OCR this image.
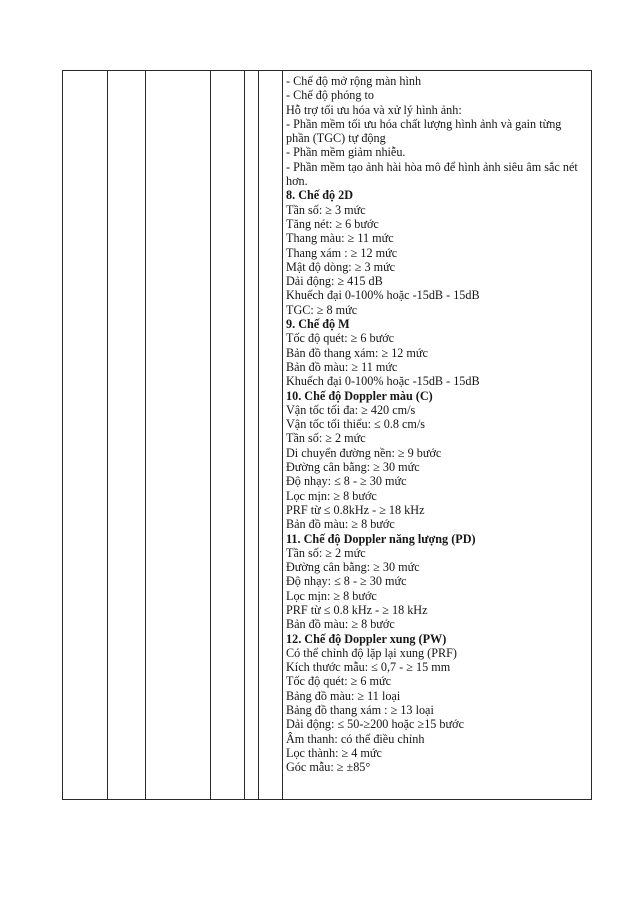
- Chế độ mở rộng màn hình
- Chế độ phóng to
Hỗ trợ tối ưu hóa và xử lý hình ảnh:
- Phần mềm tối ưu hóa chất lượng hình ảnh và gain từng phần (TGC) tự động
- Phần mềm giảm nhiễu.
- Phần mềm tạo ảnh hài hòa mô để hình ảnh siêu âm sắc nét hơn.
8. Chế độ 2D
Tần số: ≥ 3 mức
Tăng nét: ≥ 6 bước
Thang màu: ≥ 11 mức
Thang xám : ≥ 12 mức
Mật độ dòng: ≥ 3 mức
Dải động: ≥ 415 dB
Khuếch đại 0-100% hoặc -15dB - 15dB
TGC: ≥ 8 mức
9. Chế độ M
Tốc độ quét: ≥ 6 bước
Bản đồ thang xám: ≥ 12 mức
Bản đồ màu: ≥ 11 mức
Khuếch đại 0-100% hoặc -15dB - 15dB
10. Chế độ Doppler màu (C)
Vận tốc tối đa: ≥ 420 cm/s
Vận tốc tối thiểu: ≤ 0.8 cm/s
Tần số: ≥ 2 mức
Di chuyển đường nền: ≥ 9 bước
Đường cân bằng: ≥ 30 mức
Độ nhạy: ≤ 8 - ≥ 30 mức
Lọc mịn: ≥ 8 bước
PRF từ ≤ 0.8kHz - ≥ 18 kHz
Bản đồ màu: ≥ 8 bước
11. Chế độ Doppler năng lượng (PD)
Tần số: ≥ 2 mức
Đường cân bằng: ≥ 30 mức
Độ nhạy: ≤ 8 - ≥ 30 mức
Lọc mịn: ≥ 8 bước
PRF từ ≤ 0.8 kHz - ≥ 18 kHz
Bản đồ màu: ≥ 8 bước
12. Chế độ Doppler xung (PW)
Có thể chỉnh độ lặp lại xung (PRF)
Kích thước mẫu: ≤ 0,7 - ≥ 15 mm
Tốc độ quét: ≥ 6 mức
Bảng đồ màu: ≥ 11 loại
Bảng đồ thang xám : ≥ 13 loại
Dải động: ≤ 50-≥200 hoặc ≥15 bước
Âm thanh: có thể điều chỉnh
Lọc thành: ≥ 4 mức
Góc mẫu: ≥ ±85°
